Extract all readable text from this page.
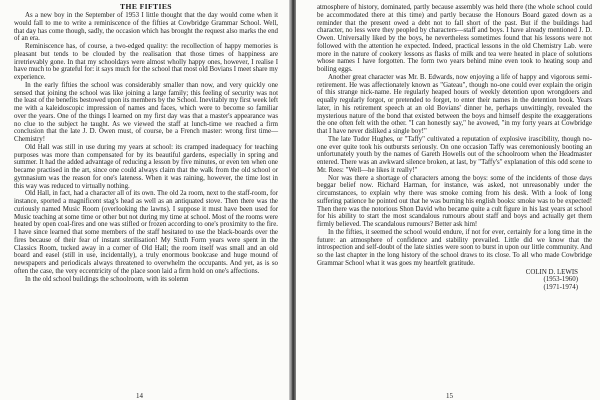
THE FIFTIES

As a new boy in the September of 1953 I little thought that the day would come when it would fall to me to write a reminiscence of the fifties at Cowbridge Grammar School. Well, that day has come though, sadly, the occasion which has brought the request also marks the end of an era.

Reminiscence has, of course, a two-edged quality: the recollection of happy memories is pleasant but tends to be clouded by the realisation that those times of happiness are irretrievably gone. In that my schooldays were almost wholly happy ones, however, I realise I have much to be grateful for: it says much for the school that most old Bovians I meet share my experience.

In the early fifties the school was considerably smaller than now, and very quickly one sensed that joining the school was like joining a large family; this feeling of security was not the least of the benefits bestowed upon its members by the School. Inevitably my first week left me with a kaleidoscopic impression of names and faces, which were to become so familiar over the years. One of the things I learned on my first day was that a master's appearance was no clue to the subject he taught. As we viewed the staff at lunch-time we reached a firm conclusion that the late J. D. Owen must, of course, be a French master: wrong first time—Chemistry!

Old Hall was still in use during my years at school: its cramped inadequacy for teaching purposes was more than compensated for by its beautiful gardens, especially in spring and summer. It had the added advantage of reducing a lesson by five minutes, or even ten when one became practised in the art, since one could always claim that the walk from the old school or gymnasium was the reason for one's lateness. When it was raining, however, the time lost in this way was reduced to virtually nothing.

Old Hall, in fact, had a character all of its own. The old 2a room, next to the staff-room, for instance, sported a magnificent stag's head as well as an antiquated stove. Then there was the curiously named Music Room (overlooking the lawns). I suppose it must have been used for Music teaching at some time or other but not during my time at school. Most of the rooms were heated by open coal-fires and one was stifled or frozen according to one's proximity to the fire. I have since learned that some members of the staff hesitated to use the black-boards over the fires because of their fear of instant sterilisation! My Sixth Form years were spent in the Classics Room, tucked away in a corner of Old Hall; the room itself was small and an old board and easel (still in use, incidentally), a truly enormous bookcase and huge mound of newspapers and periodicals always threatened to overwhelm the occupants. And yet, as is so often the case, the very eccentricity of the place soon laid a firm hold on one's affections.

In the old school buildings the schoolroom, with its solemn

14

atmosphere of history, dominated, partly because assembly was held there (the whole school could be accommodated there at this time) and partly because the Honours Board gazed down as a reminder that the present owed a debt not to fall short of the past. But if the buildings had character, no less were they peopled by characters—staff and boys. I have already mentioned J. D. Owen. Universally liked by the boys, he nevertheless sometimes found that his lessons were not followed with the attention he expected. Indeed, practical lessons in the old Chemistry Lab. were more in the nature of cookery lessons as flasks of milk and tea were heated in place of solutions whose names I have forgotten. The form two years behind mine even took to heating soup and boiling eggs.

Another great character was Mr. B. Edwards, now enjoying a life of happy and vigorous semi-retirement. He was affectionately known as "Gateau", though no-one could ever explain the origin of this strange nick-name. He regularly heaped hours of weekly detention upon wrongdoers and equally regularly forgot, or pretended to forget, to enter their names in the detention book. Years later, in his retirement speech at an old Bovians' dinner he, perhaps unwittingly, revealed the mysterious nature of the bond that existed between the boys and himself despite the exaggerations the one often felt with the other. "I can honestly say," he avowed, "in my forty years at Cowbridge that I have never disliked a single boy!"

The late Tudor Hughes, or "Taffy" cultivated a reputation of explosive irascibility, though no-one ever quite took his outbursts seriously. On one occasion Taffy was ceremoniously booting an unfortunately youth by the names of Gareth Howells out of the schoolroom when the Headmaster entered. There was an awkward silence broken, at last, by "Taffy's" explanation of this odd scene to Mr. Rees: "Well—he likes it really!"

Nor was there a shortage of characters among the boys: some of the incidents of those days beggar belief now. Richard Harman, for instance, was asked, not unreasonably under the circumstances, to explain why there was smoke coming from his desk. With a look of long suffering patience he pointed out that he was burning his english books: smoke was to be expected! Then there was the notorious Shon David who became quite a cult figure in his last years at school for his ability to start the most scandalous rumours about staff and boys and actually get them firmly believed. The scandalous rumours? Better ask him!

In the fifties, it seemed the school would endure, if not for ever, certainly for a long time in the future: an atmosphere of confidence and stability prevailed. Little did we know that the introspection and self-doubt of the late sixties were soon to burst in upon our little community. And so the last chapter in the long history of the school draws to its close. To all who made Cowbridge Grammar School what it was goes my heartfelt gratitude.

COLIN D. LEWIS
(1953-1960)
(1971-1974)
15
